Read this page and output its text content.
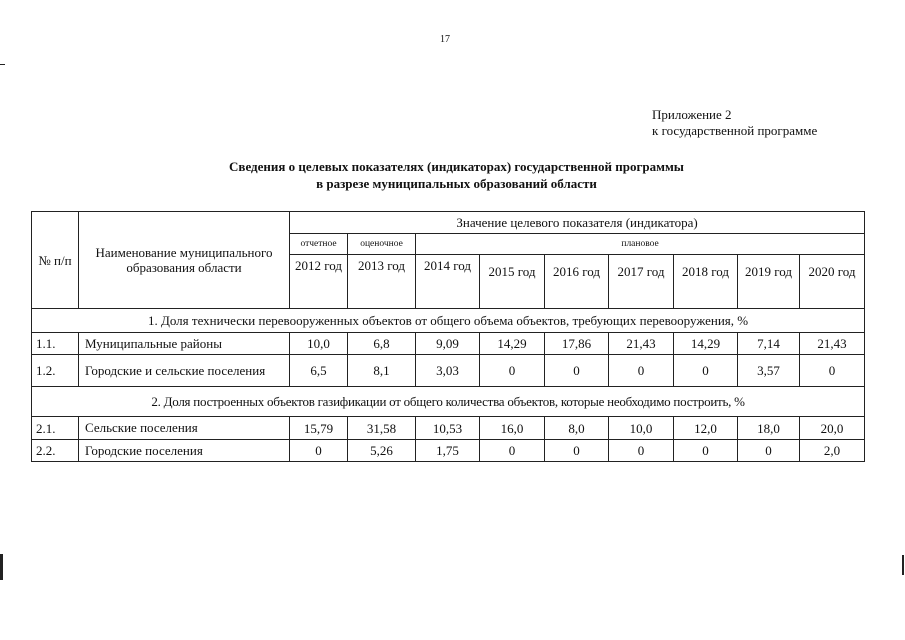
17
Приложение 2
к государственной программе
Сведения о целевых показателях (индикаторах) государственной программы
в разрезе муниципальных образований области
№ п/п	Наименование муниципального образования области	Значение целевого показателя (индикатора)								
		отчетное	оценочное	плановое						
		2012 год	2013 год	2014 год	2015 год	2016 год	2017 год	2018 год	2019 год	2020 год
1. Доля технически перевооруженных объектов от общего объема объектов, требующих перевооружения, %										
1.1.	Муниципальные районы	10,0	6,8	9,09	14,29	17,86	21,43	14,29	7,14	21,43
1.2.	Городские и сельские поселения	6,5	8,1	3,03	0	0	0	0	3,57	0
2. Доля построенных объектов газификации от общего количества объектов, которые необходимо построить, %										
2.1.	Сельские поселения	15,79	31,58	10,53	16,0	8,0	10,0	12,0	18,0	20,0
2.2.	Городские поселения	0	5,26	1,75	0	0	0	0	0	2,0
